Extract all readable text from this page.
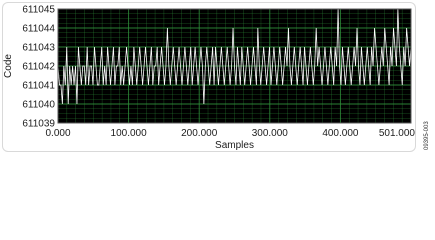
611039
611040
611041
611042
611043
611044
611045
0.000	100.000	200.000	300.000	400.000 501.000
Samples
Code
09395-003
